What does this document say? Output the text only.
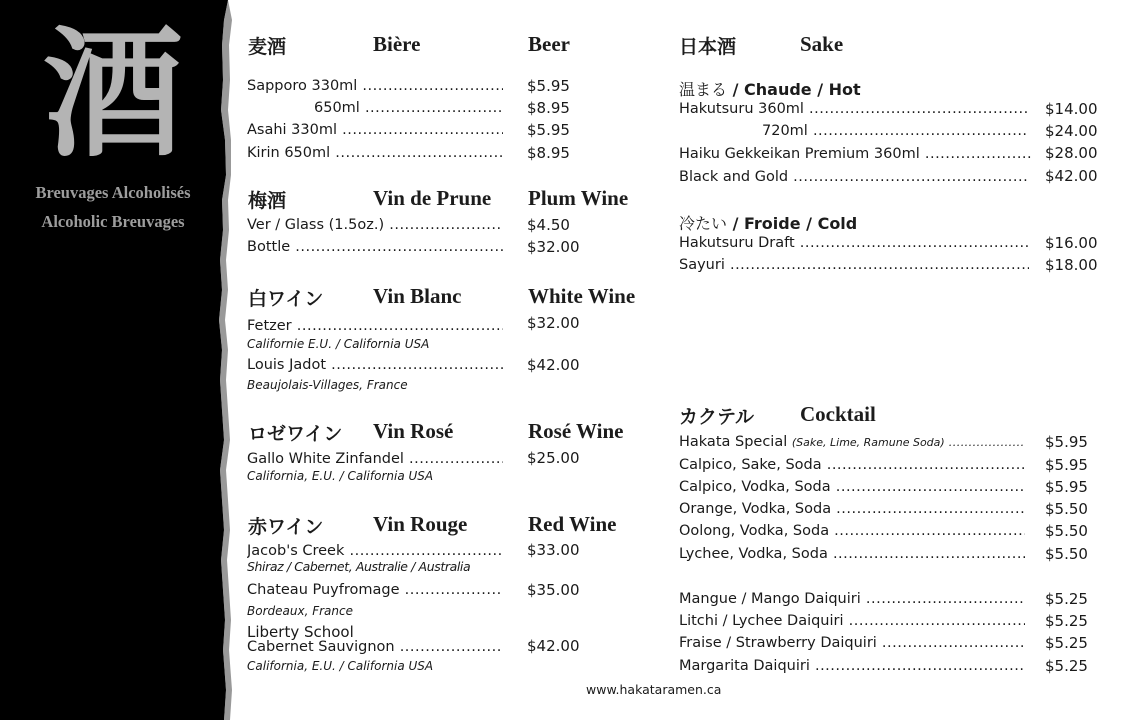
酒
Breuvages Alcoholisés
Alcoholic Breuvages
麦酒	Bière	Beer
Sapporo 330ml .....	$5.95
650ml .....	$8.95
Asahi 330ml .....	$5.95
Kirin 650ml .....	$8.95
梅酒	Vin de Prune Plum Wine
Ver / Glass (1.5oz.) .....	$4.50
Bottle .....	$32.00
白ワイン Vin Blanc	White Wine
Fetzer .....	$32.00
Californie E.U. / California USA
Louis Jadot .....	$42.00
Beaujolais-Villages, France
ロゼワイン Vin Rosé	Rosé Wine
Gallo White Zinfandel .....	$25.00
California, E.U. / California USA
赤ワイン Vin Rouge	Red Wine
Jacob's Creek .....	$33.00
Shiraz / Cabernet, Australie / Australia
Chateau Puyfromage .....	$35.00
Bordeaux, France
Liberty School
Cabernet Sauvignon .....	$42.00
California, E.U. / California USA
日本酒	Sake
温まる / Chaude / Hot
Hakutsuru 360ml .....	$14.00
720ml .....	$24.00
Haiku Gekkeikan Premium 360ml .....	$28.00
Black and Gold .....	$42.00
冷たい / Froide / Cold
Hakutsuru Draft .....	$16.00
Sayuri .....	$18.00
カクテル Cocktail
Hakata Special (Sake, Lime, Ramune Soda) .....	$5.95
Calpico, Sake, Soda .....	$5.95
Calpico, Vodka, Soda .....	$5.95
Orange, Vodka, Soda .....	$5.50
Oolong, Vodka, Soda .....	$5.50
Lychee, Vodka, Soda .....	$5.50
Mangue / Mango Daiquiri .....	$5.25
Litchi / Lychee Daiquiri .....	$5.25
Fraise / Strawberry Daiquiri .....	$5.25
Margarita Daiquiri .....	$5.25
www.hakataramen.ca
